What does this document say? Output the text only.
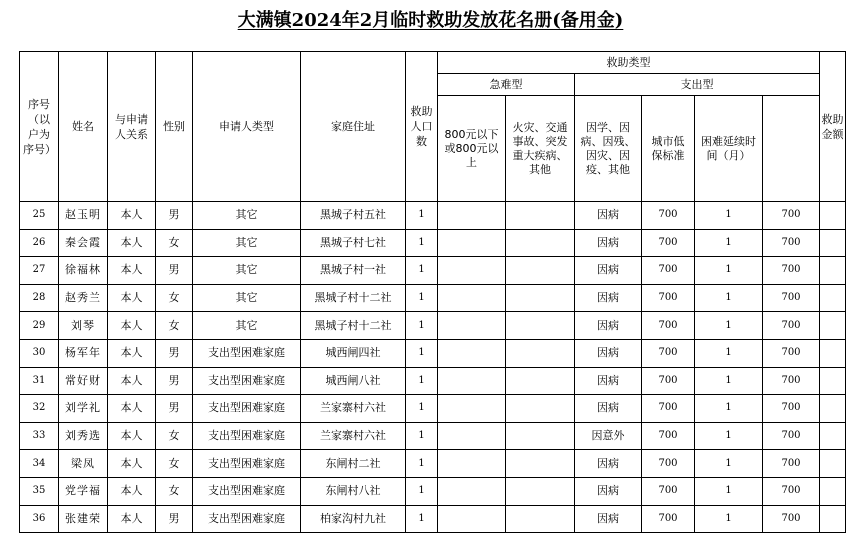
大满镇2024年2月临时救助发放花名册(备用金)
序号（以户为序号）	姓名	与申请人关系	性别	申请人类型	家庭住址	救助人口数	救助类型						救助金额	
							急难型		支出型					
							800元以下或800元以上	火灾、交通事故、突发重大疾病、其他	因学、因病、因残、因灾、因疫、其他	城市低保标准	困难延续时间（月）			
25	赵玉明	本人	男	其它	黑城子村五社	1			因病	700	1	700		
26	秦会霞	本人	女	其它	黑城子村七社	1			因病	700	1	700		
27	徐福林	本人	男	其它	黑城子村一社	1			因病	700	1	700		
28	赵秀兰	本人	女	其它	黑城子村十二社	1			因病	700	1	700		
29	刘琴	本人	女	其它	黑城子村十二社	1			因病	700	1	700		
30	杨军年	本人	男	支出型困难家庭	城西闸四社	1			因病	700	1	700		
31	常好财	本人	男	支出型困难家庭	城西闸八社	1			因病	700	1	700		
32	刘学礼	本人	男	支出型困难家庭	兰家寨村六社	1			因病	700	1	700		
33	刘秀选	本人	女	支出型困难家庭	兰家寨村六社	1			因意外	700	1	700		
34	梁凤	本人	女	支出型困难家庭	东闸村二社	1			因病	700	1	700		
35	党学福	本人	女	支出型困难家庭	东闸村八社	1			因病	700	1	700		
36	张建荣	本人	男	支出型困难家庭	柏家沟村九社	1			因病	700	1	700		
